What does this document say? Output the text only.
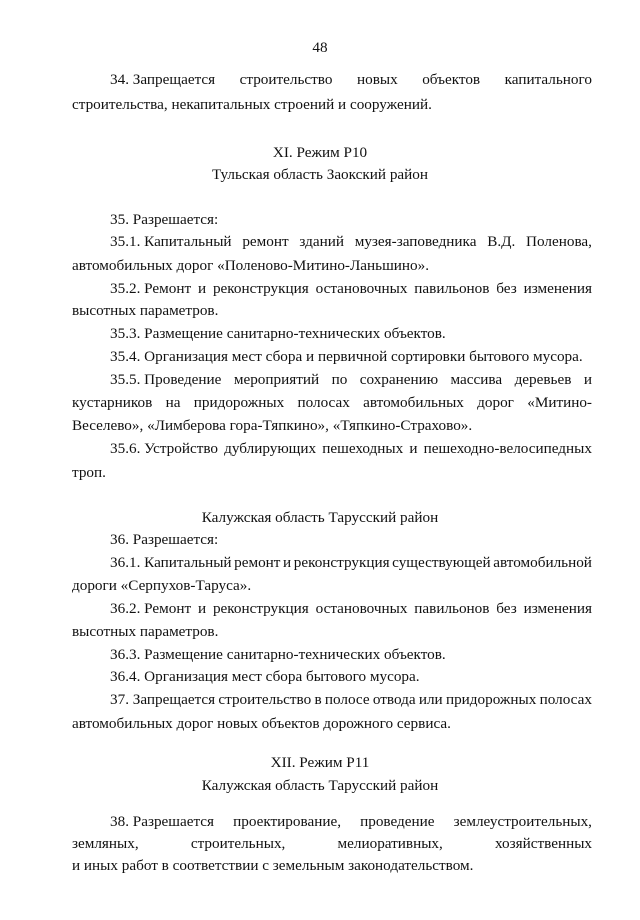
48
34. Запрещается строительство новых объектов капитального
строительства, некапитальных строений и сооружений.
XI. Режим Р10
Тульская область Заокский район
35. Разрешается:
35.1. Капитальный ремонт зданий музея-заповедника В.Д. Поленова,
автомобильных дорог «Поленово-Митино-Ланьшино».
35.2. Ремонт и реконструкция остановочных павильонов без изменения
высотных параметров.
35.3. Размещение санитарно-технических объектов.
35.4. Организация мест сбора и первичной сортировки бытового мусора.
35.5. Проведение мероприятий по сохранению массива деревьев и
кустарников на придорожных полосах автомобильных дорог «Митино-
Веселево», «Лимберова гора-Тяпкино», «Тяпкино-Страхово».
35.6. Устройство дублирующих пешеходных и пешеходно-велосипедных
троп.
Калужская область Тарусский район
36. Разрешается:
36.1. Капитальный ремонт и реконструкция существующей автомобильной
дороги «Серпухов-Таруса».
36.2. Ремонт и реконструкция остановочных павильонов без изменения
высотных параметров.
36.3. Размещение санитарно-технических объектов.
36.4. Организация мест сбора бытового мусора.
37. Запрещается строительство в полосе отвода или придорожных полосах
автомобильных дорог новых объектов дорожного сервиса.
XII. Режим Р11
Калужская область Тарусский район
38. Разрешается проектирование, проведение землеустроительных,
земляных,	строительных,	мелиоративных,	хозяйственных
и иных работ в соответствии с земельным законодательством.
